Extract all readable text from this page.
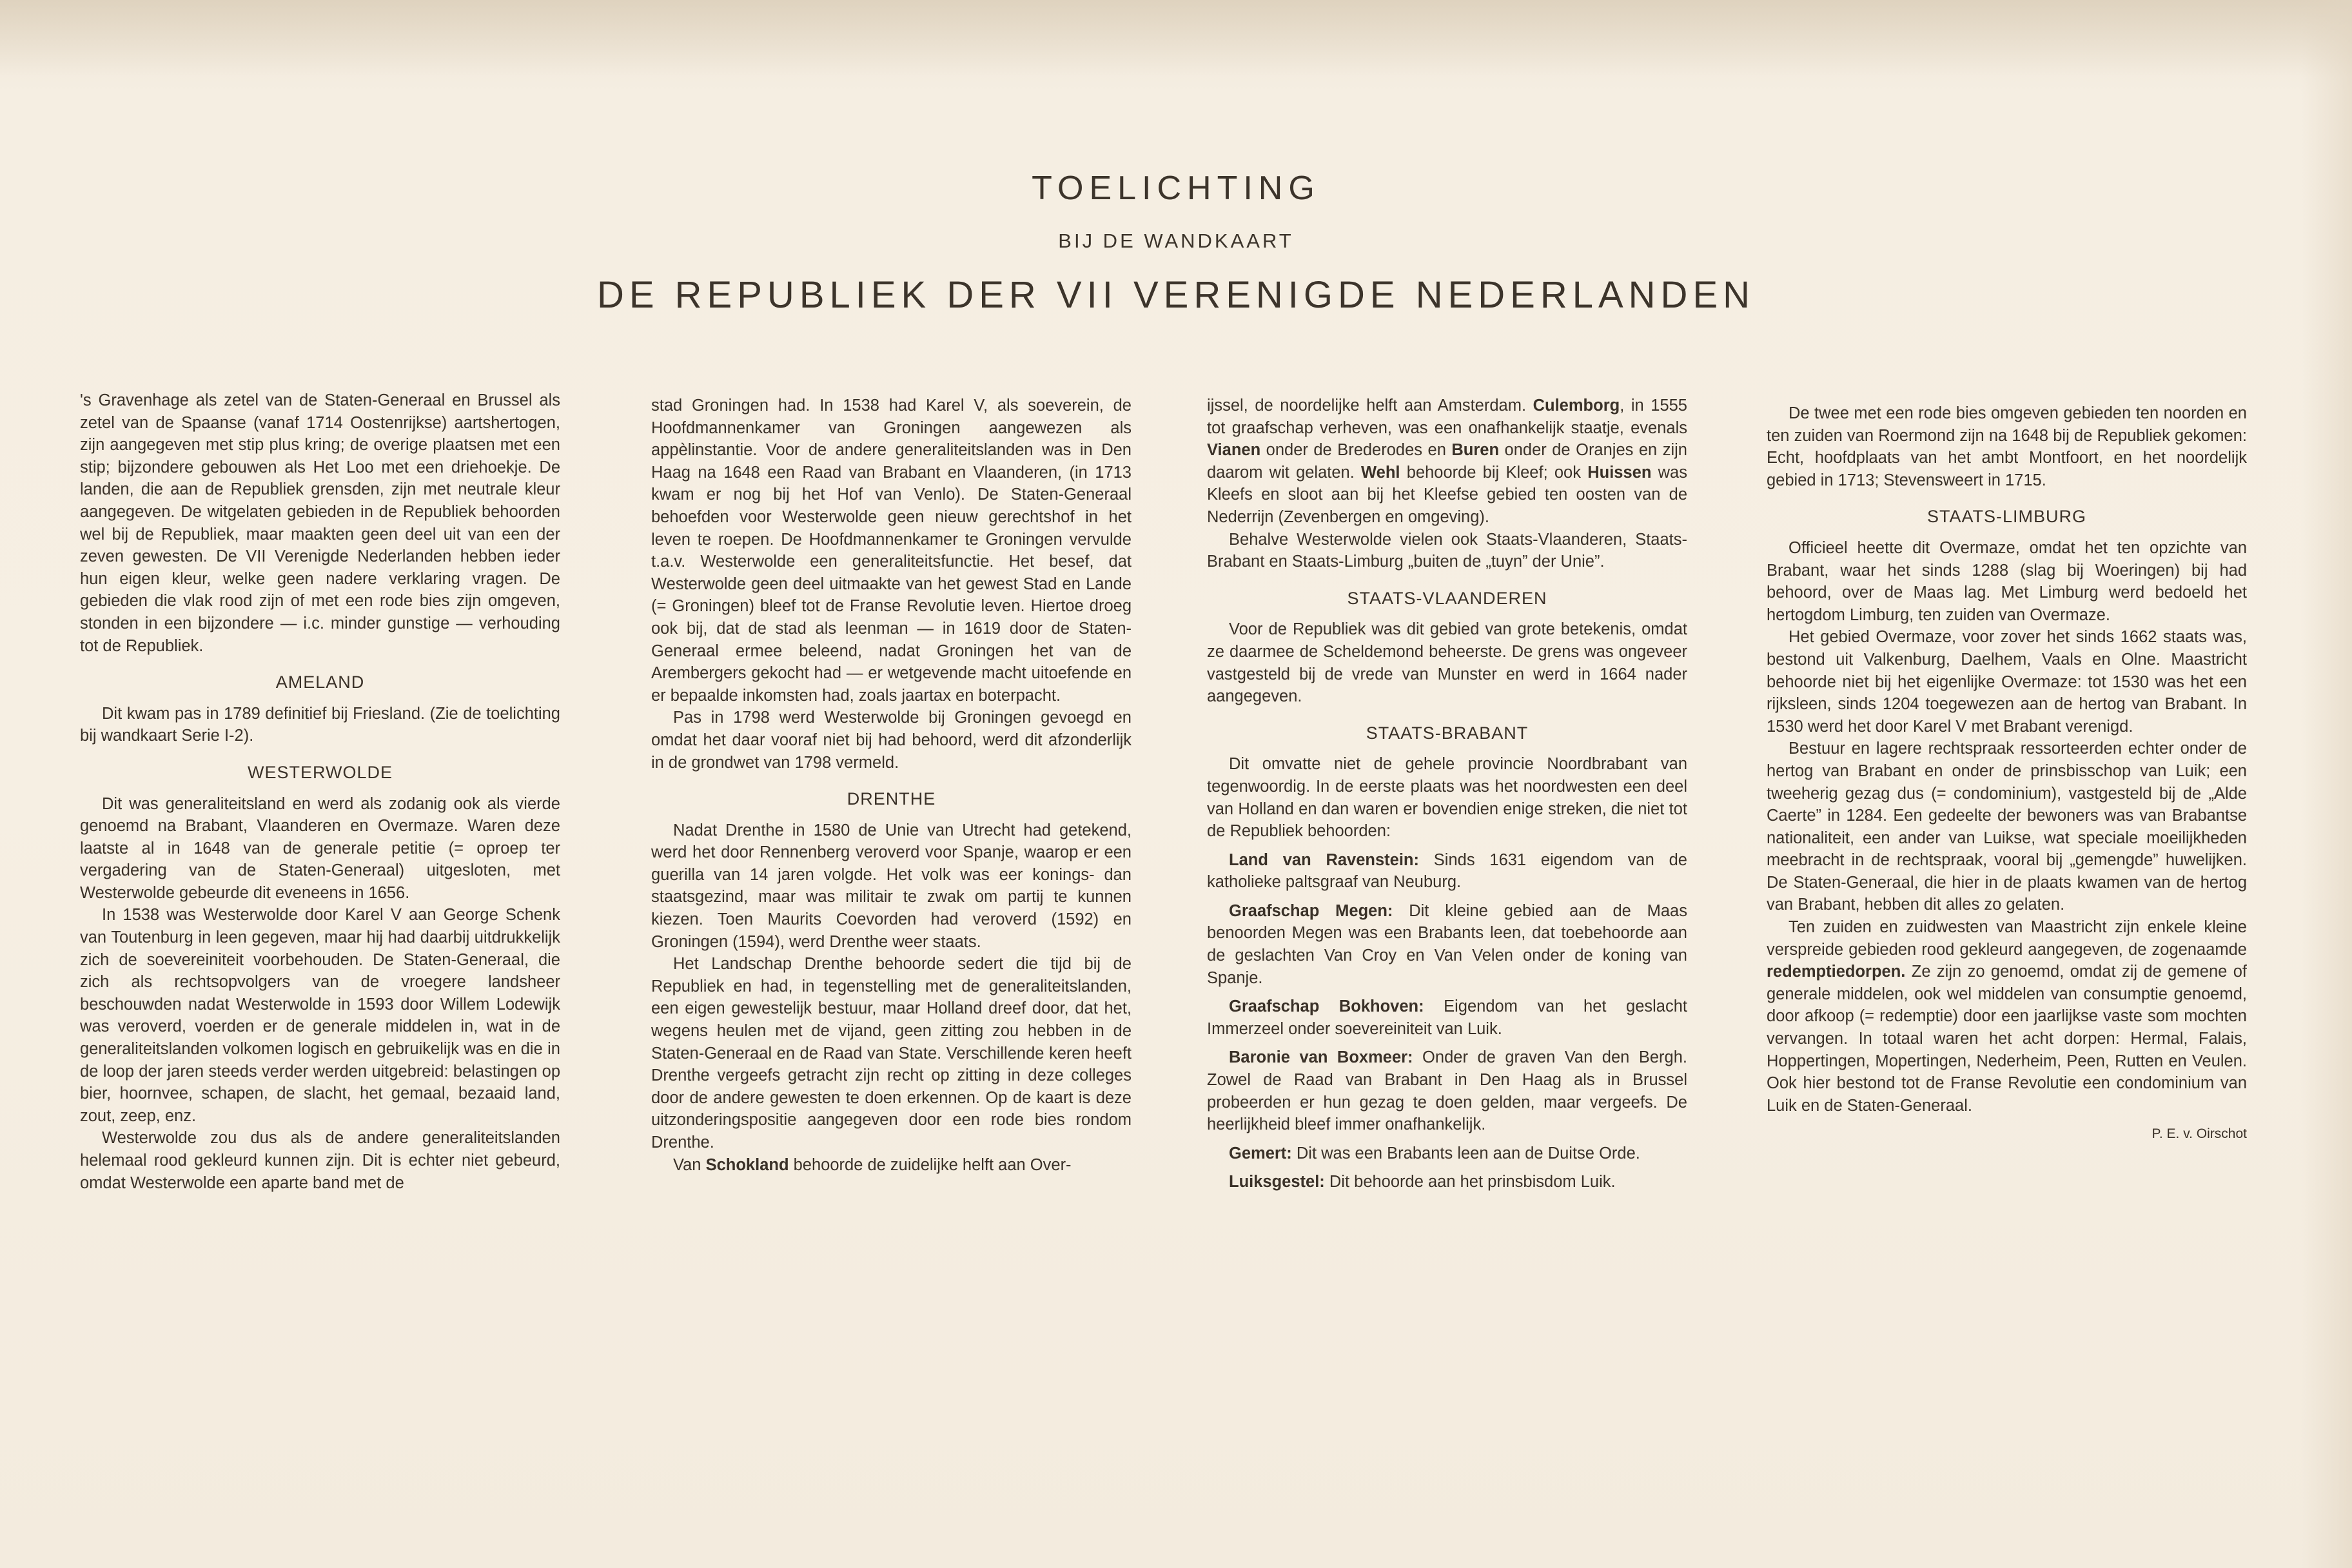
TOELICHTING
BIJ DE WANDKAART
DE REPUBLIEK DER VII VERENIGDE NEDERLANDEN

's Gravenhage als zetel van de Staten-Generaal en Brussel als zetel van de Spaanse (vanaf 1714 Oostenrijkse) aartshertogen, zijn aangegeven met stip plus kring; de overige plaatsen met een stip; bijzondere gebouwen als Het Loo met een driehoekje. De landen, die aan de Republiek grensden, zijn met neutrale kleur aangegeven. De witgelaten gebieden in de Republiek behoorden wel bij de Republiek, maar maakten geen deel uit van een der zeven gewesten. De VII Verenigde Nederlanden hebben ieder hun eigen kleur, welke geen nadere verklaring vragen. De gebieden die vlak rood zijn of met een rode bies zijn omgeven, stonden in een bijzondere — i.c. minder gunstige — verhouding tot de Republiek.

AMELAND

Dit kwam pas in 1789 definitief bij Friesland. (Zie de toelichting bij wandkaart Serie I-2).

WESTERWOLDE

Dit was generaliteitsland en werd als zodanig ook als vierde genoemd na Brabant, Vlaanderen en Overmaze. Waren deze laatste al in 1648 van de generale petitie (= oproep ter vergadering van de Staten-Generaal) uitgesloten, met Westerwolde gebeurde dit eveneens in 1656.

In 1538 was Westerwolde door Karel V aan George Schenk van Toutenburg in leen gegeven, maar hij had daarbij uitdrukkelijk zich de soevereiniteit voorbehouden. De Staten-Generaal, die zich als rechtsopvolgers van de vroegere landsheer beschouwden nadat Westerwolde in 1593 door Willem Lodewijk was veroverd, voerden er de generale middelen in, wat in de generaliteitslanden volkomen logisch en gebruikelijk was en die in de loop der jaren steeds verder werden uitgebreid: belastingen op bier, hoornvee, schapen, de slacht, het gemaal, bezaaid land, zout, zeep, enz.

Westerwolde zou dus als de andere generaliteitslanden helemaal rood gekleurd kunnen zijn. Dit is echter niet gebeurd, omdat Westerwolde een aparte band met de

stad Groningen had. In 1538 had Karel V, als soeverein, de Hoofdmannenkamer van Groningen aangewezen als appèlinstantie. Voor de andere generaliteitslanden was in Den Haag na 1648 een Raad van Brabant en Vlaanderen, (in 1713 kwam er nog bij het Hof van Venlo). De Staten-Generaal behoefden voor Westerwolde geen nieuw gerechtshof in het leven te roepen. De Hoofdmannenkamer te Groningen vervulde t.a.v. Westerwolde een generaliteitsfunctie. Het besef, dat Westerwolde geen deel uitmaakte van het gewest Stad en Lande (= Groningen) bleef tot de Franse Revolutie leven. Hiertoe droeg ook bij, dat de stad als leenman — in 1619 door de Staten-Generaal ermee beleend, nadat Groningen het van de Arembergers gekocht had — er wetgevende macht uitoefende en er bepaalde inkomsten had, zoals jaartax en boterpacht.

Pas in 1798 werd Westerwolde bij Groningen gevoegd en omdat het daar vooraf niet bij had behoord, werd dit afzonderlijk in de grondwet van 1798 vermeld.

DRENTHE

Nadat Drenthe in 1580 de Unie van Utrecht had getekend, werd het door Rennenberg veroverd voor Spanje, waarop er een guerilla van 14 jaren volgde. Het volk was eer konings- dan staatsgezind, maar was militair te zwak om partij te kunnen kiezen. Toen Maurits Coevorden had veroverd (1592) en Groningen (1594), werd Drenthe weer staats.

Het Landschap Drenthe behoorde sedert die tijd bij de Republiek en had, in tegenstelling met de generaliteitslanden, een eigen gewestelijk bestuur, maar Holland dreef door, dat het, wegens heulen met de vijand, geen zitting zou hebben in de Staten-Generaal en de Raad van State. Verschillende keren heeft Drenthe vergeefs getracht zijn recht op zitting in deze colleges door de andere gewesten te doen erkennen. Op de kaart is deze uitzonderingspositie aangegeven door een rode bies rondom Drenthe.

Van Schokland behoorde de zuidelijke helft aan Over-

ijssel, de noordelijke helft aan Amsterdam. Culemborg, in 1555 tot graafschap verheven, was een onafhankelijk staatje, evenals Vianen onder de Brederodes en Buren onder de Oranjes en zijn daarom wit gelaten. Wehl behoorde bij Kleef; ook Huissen was Kleefs en sloot aan bij het Kleefse gebied ten oosten van de Nederrijn (Zevenbergen en omgeving).

Behalve Westerwolde vielen ook Staats-Vlaanderen, Staats-Brabant en Staats-Limburg „buiten de „tuyn” der Unie”.

STAATS-VLAANDEREN

Voor de Republiek was dit gebied van grote betekenis, omdat ze daarmee de Scheldemond beheerste. De grens was ongeveer vastgesteld bij de vrede van Munster en werd in 1664 nader aangegeven.

STAATS-BRABANT

Dit omvatte niet de gehele provincie Noordbrabant van tegenwoordig. In de eerste plaats was het noordwesten een deel van Holland en dan waren er bovendien enige streken, die niet tot de Republiek behoorden:

Land van Ravenstein: Sinds 1631 eigendom van de katholieke paltsgraaf van Neuburg.

Graafschap Megen: Dit kleine gebied aan de Maas benoorden Megen was een Brabants leen, dat toebehoorde aan de geslachten Van Croy en Van Velen onder de koning van Spanje.

Graafschap Bokhoven: Eigendom van het geslacht Immerzeel onder soevereiniteit van Luik.

Baronie van Boxmeer: Onder de graven Van den Bergh. Zowel de Raad van Brabant in Den Haag als in Brussel probeerden er hun gezag te doen gelden, maar vergeefs. De heerlijkheid bleef immer onafhankelijk.

Gemert: Dit was een Brabants leen aan de Duitse Orde.

Luiksgestel: Dit behoorde aan het prinsbisdom Luik.

De twee met een rode bies omgeven gebieden ten noorden en ten zuiden van Roermond zijn na 1648 bij de Republiek gekomen: Echt, hoofdplaats van het ambt Montfoort, en het noordelijk gebied in 1713; Stevensweert in 1715.

STAATS-LIMBURG

Officieel heette dit Overmaze, omdat het ten opzichte van Brabant, waar het sinds 1288 (slag bij Woeringen) bij had behoord, over de Maas lag. Met Limburg werd bedoeld het hertogdom Limburg, ten zuiden van Overmaze.

Het gebied Overmaze, voor zover het sinds 1662 staats was, bestond uit Valkenburg, Daelhem, Vaals en Olne. Maastricht behoorde niet bij het eigenlijke Overmaze: tot 1530 was het een rijksleen, sinds 1204 toegewezen aan de hertog van Brabant. In 1530 werd het door Karel V met Brabant verenigd.

Bestuur en lagere rechtspraak ressorteerden echter onder de hertog van Brabant en onder de prinsbisschop van Luik; een tweeherig gezag dus (= condominium), vastgesteld bij de „Alde Caerte” in 1284. Een gedeelte der bewoners was van Brabantse nationaliteit, een ander van Luikse, wat speciale moeilijkheden meebracht in de rechtspraak, vooral bij „gemengde” huwelijken. De Staten-Generaal, die hier in de plaats kwamen van de hertog van Brabant, hebben dit alles zo gelaten.

Ten zuiden en zuidwesten van Maastricht zijn enkele kleine verspreide gebieden rood gekleurd aangegeven, de zogenaamde redemptiedorpen. Ze zijn zo genoemd, omdat zij de gemene of generale middelen, ook wel middelen van consumptie genoemd, door afkoop (= redemptie) door een jaarlijkse vaste som mochten vervangen. In totaal waren het acht dorpen: Hermal, Falais, Hoppertingen, Mopertingen, Nederheim, Peen, Rutten en Veulen. Ook hier bestond tot de Franse Revolutie een condominium van Luik en de Staten-Generaal.

P. E. v. Oirschot
